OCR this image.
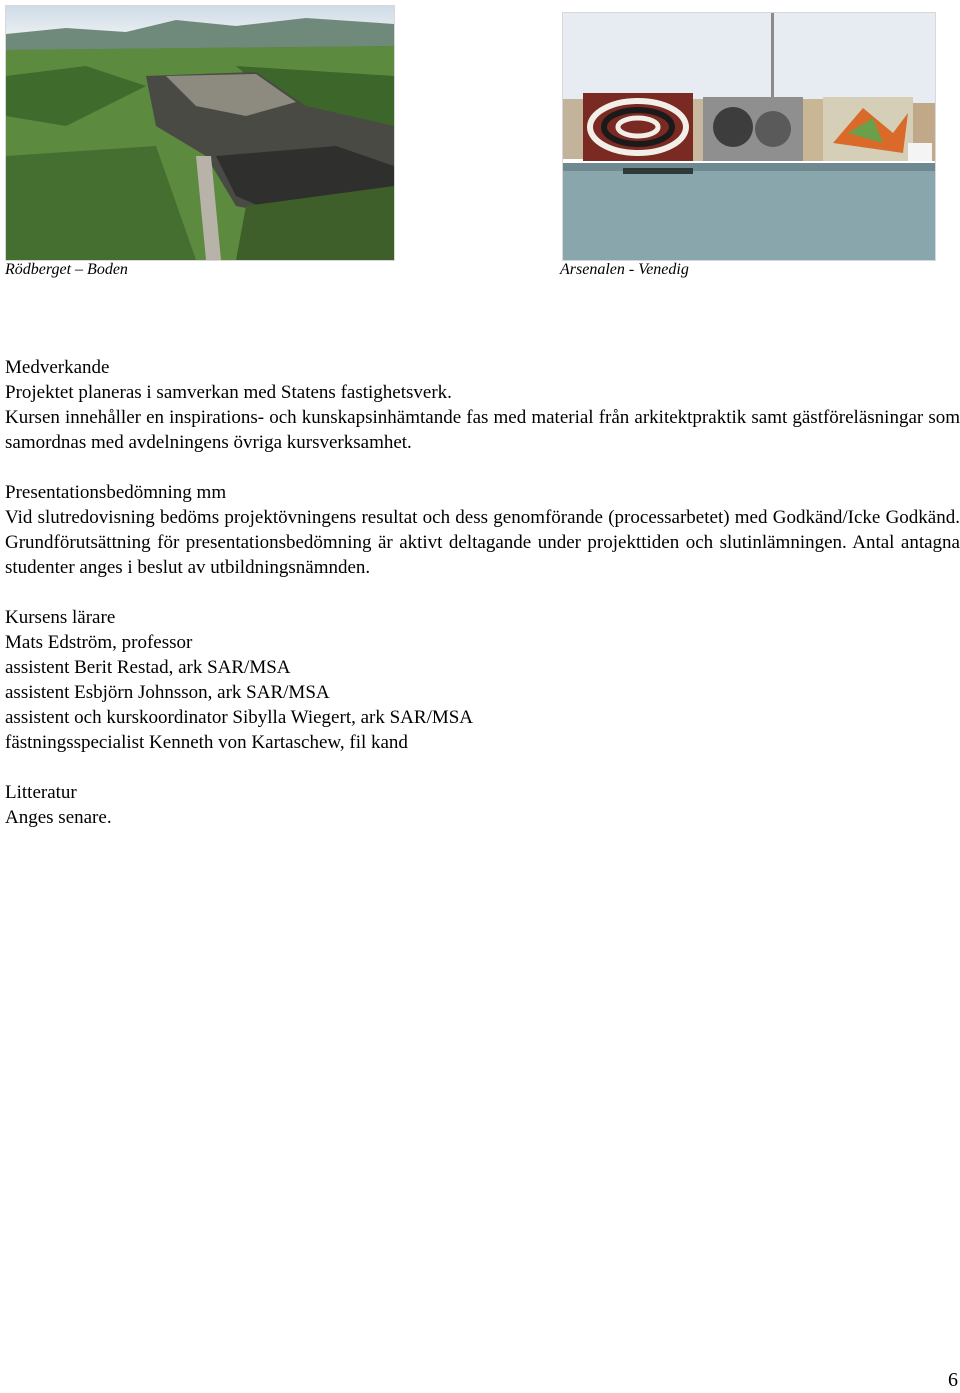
Rödberget – Boden	Arsenalen - Venedig
Medverkande

Projektet planeras i samverkan med Statens fastighetsverk.

Kursen innehåller en inspirations- och kunskapsinhämtande fas med material från arkitektpraktik samt gästföreläsningar som samordnas med avdelningens övriga kursverksamhet.

Presentationsbedömning mm

Vid slutredovisning bedöms projektövningens resultat och dess genomförande (processarbetet) med Godkänd/Icke Godkänd. Grundförutsättning för presentationsbedömning är aktivt deltagande under projekttiden och slutinlämningen. Antal antagna studenter anges i beslut av utbildningsnämnden.

Kursens lärare

Mats Edström, professor

assistent Berit Restad, ark SAR/MSA

assistent Esbjörn Johnsson, ark SAR/MSA

assistent och kurskoordinator Sibylla Wiegert, ark SAR/MSA

fästningsspecialist Kenneth von Kartaschew, fil kand

Litteratur

Anges senare.

6
